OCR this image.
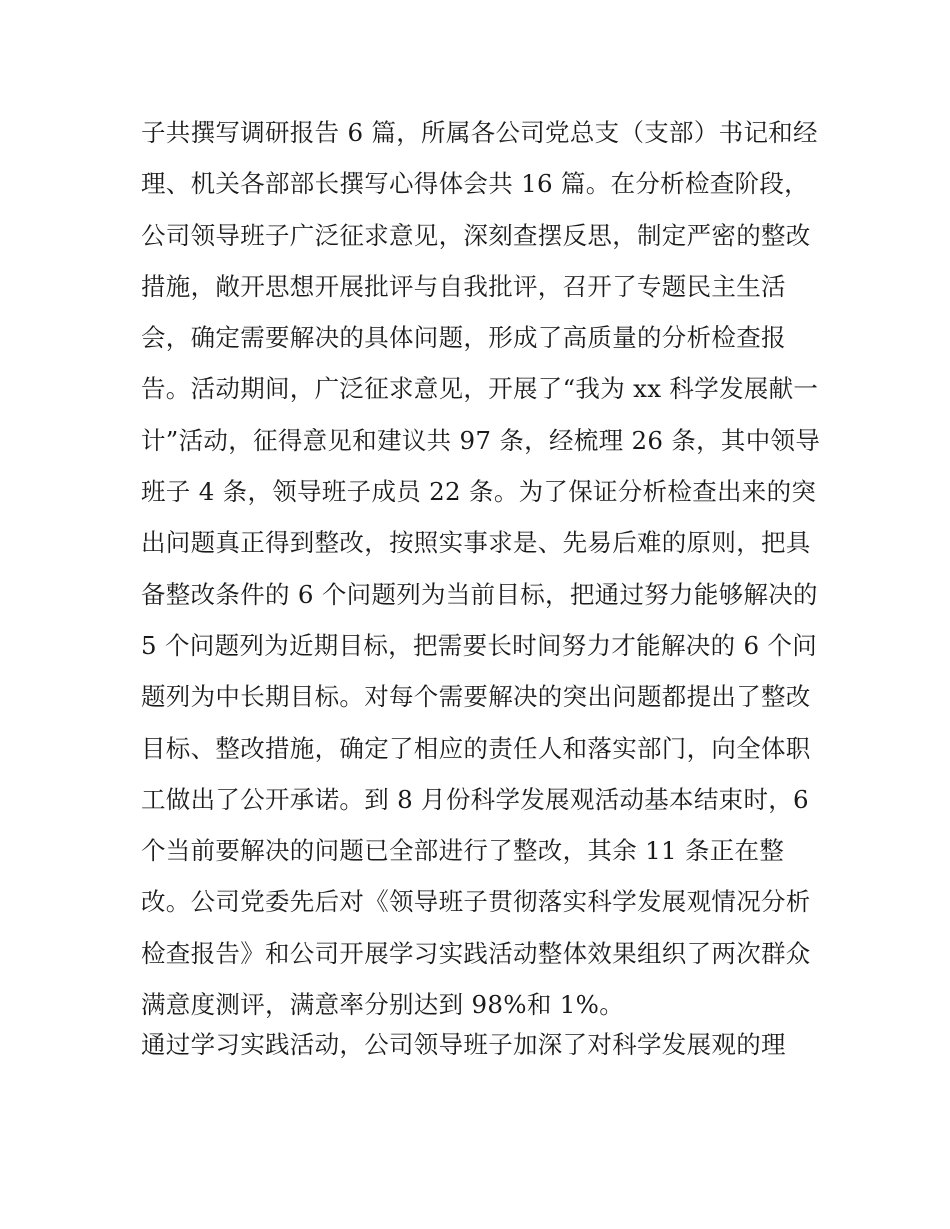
子共撰写调研报告 6 篇，所属各公司党总支（支部）书记和经
理、机关各部部长撰写心得体会共 16 篇。在分析检查阶段，
公司领导班子广泛征求意见，深刻查摆反思，制定严密的整改
措施，敞开思想开展批评与自我批评，召开了专题民主生活
会，确定需要解决的具体问题，形成了高质量的分析检查报
告。活动期间，广泛征求意见，开展了“我为 xx 科学发展献一
计”活动，征得意见和建议共 97 条，经梳理 26 条，其中领导
班子 4 条，领导班子成员 22 条。为了保证分析检查出来的突
出问题真正得到整改，按照实事求是、先易后难的原则，把具
备整改条件的 6 个问题列为当前目标，把通过努力能够解决的
5 个问题列为近期目标，把需要长时间努力才能解决的 6 个问
题列为中长期目标。对每个需要解决的突出问题都提出了整改
目标、整改措施，确定了相应的责任人和落实部门，向全体职
工做出了公开承诺。到 8 月份科学发展观活动基本结束时，6
个当前要解决的问题已全部进行了整改，其余 11 条正在整
改。公司党委先后对《领导班子贯彻落实科学发展观情况分析
检查报告》和公司开展学习实践活动整体效果组织了两次群众
满意度测评，满意率分别达到 98%和 1%。
通过学习实践活动，公司领导班子加深了对科学发展观的理
